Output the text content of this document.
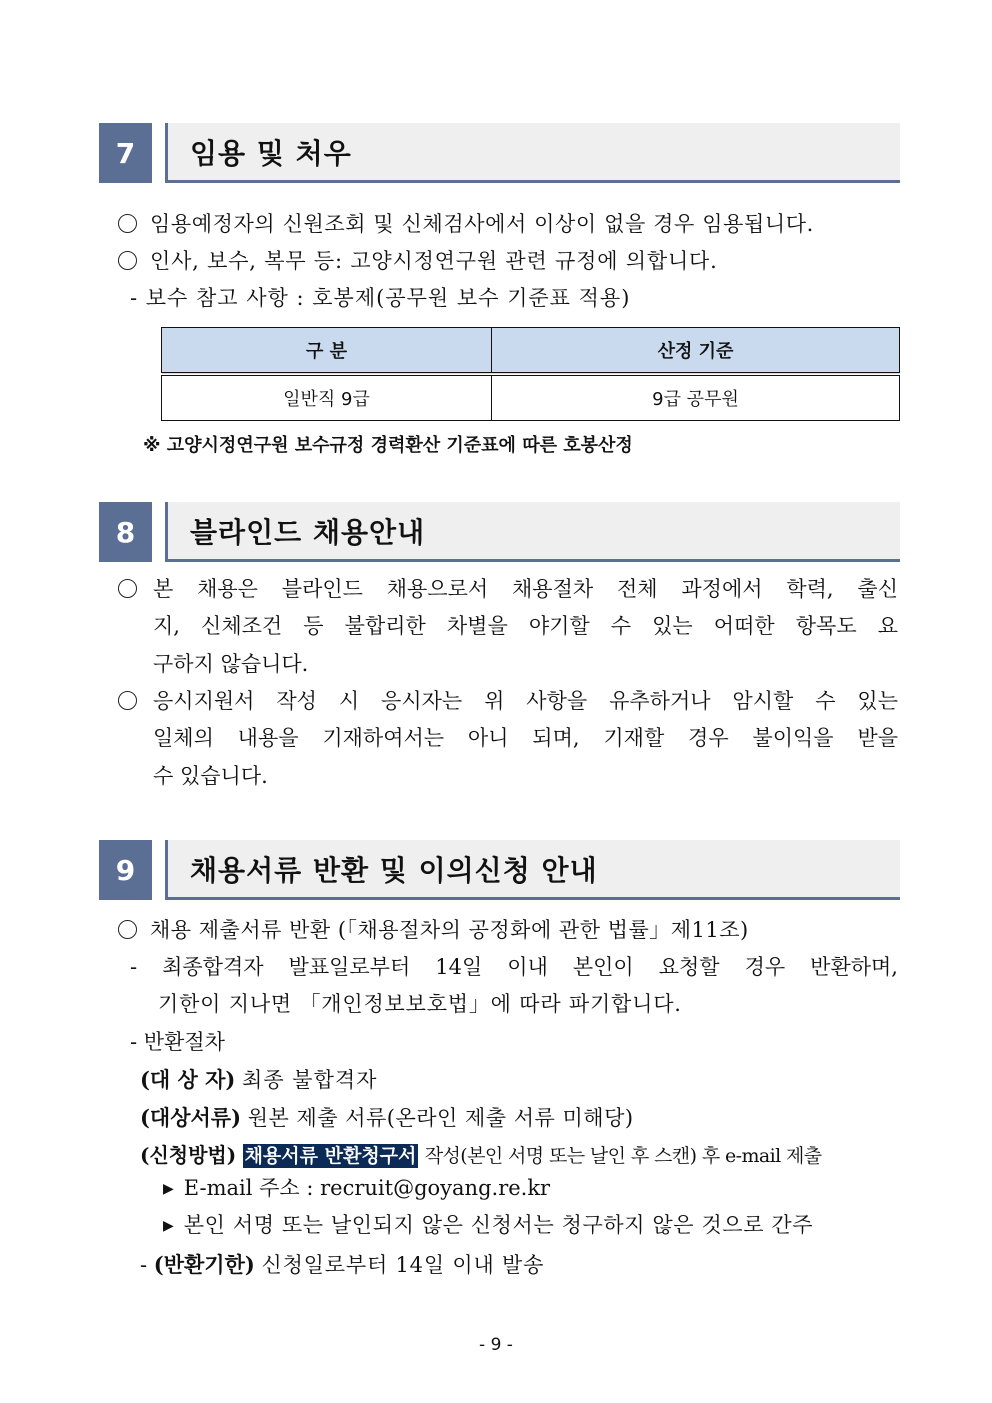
7	임용 및 처우
임용예정자의 신원조회 및 신체검사에서 이상이 없을 경우 임용됩니다.
인사, 보수, 복무 등: 고양시정연구원 관련 규정에 의합니다.
- 보수 참고 사항 : 호봉제(공무원 보수 기준표 적용)
구 분	산정 기준
일반직 9급	9급 공무원
※ 고양시정연구원 보수규정 경력환산 기준표에 따른 호봉산정
8	블라인드 채용안내
본 채용은 블라인드 채용으로서 채용절차 전체 과정에서 학력, 출신
지, 신체조건 등 불합리한 차별을 야기할 수 있는 어떠한 항목도 요
구하지 않습니다.
응시지원서 작성 시 응시자는 위 사항을 유추하거나 암시할 수 있는
일체의 내용을 기재하여서는 아니 되며, 기재할 경우 불이익을 받을
수 있습니다.
9	채용서류 반환 및 이의신청 안내
채용 제출서류 반환 (「채용절차의 공정화에 관한 법률」제11조)
- 최종합격자 발표일로부터 14일 이내 본인이 요청할 경우 반환하며,
기한이 지나면 「개인정보보호법」에 따라 파기합니다.
- 반환절차
(대 상 자) 최종 불합격자
(대상서류) 원본 제출 서류(온라인 제출 서류 미해당)
(신청방법) 채용서류 반환청구서 작성(본인 서명 또는 날인 후 스캔) 후 e-mail 제출
▶ E-mail 주소 : recruit@goyang.re.kr
▶ 본인 서명 또는 날인되지 않은 신청서는 청구하지 않은 것으로 간주
- (반환기한) 신청일로부터 14일 이내 발송
- 9 -
